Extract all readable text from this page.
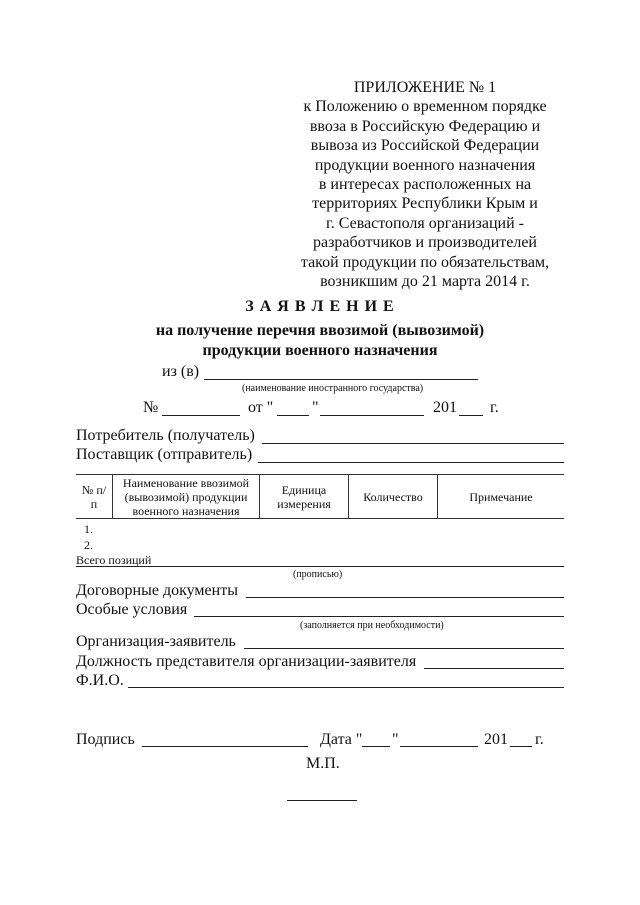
ПРИЛОЖЕНИЕ № 1
к Положению о временном порядке
ввоза в Российскую Федерацию и
вывоза из Российской Федерации
продукции военного назначения
в интересах расположенных на
территориях Республики Крым и
г. Севастополя организаций -
разработчиков и производителей
такой продукции по обязательствам,
возникшим до 21 марта 2014 г.
З А Я В Л Е Н И Е
на получение перечня ввозимой (вывозимой)
продукции военного назначения
из (в)
(наименование иностранного государства)
№	от " "	201 г.
Потребитель (получатель)
Поставщик (отправитель)
№ п/п	Наименование ввозимой (вывозимой) продукции военного назначения	Единица измерения	Количество	Примечание
1.
2.
Всего позиций
(прописью)
Договорные документы
Особые условия
(заполняется при необходимости)
Организация-заявитель
Должность представителя организации-заявителя
Ф.И.О.
Подпись	Дата " "	201 г.
М.П.
